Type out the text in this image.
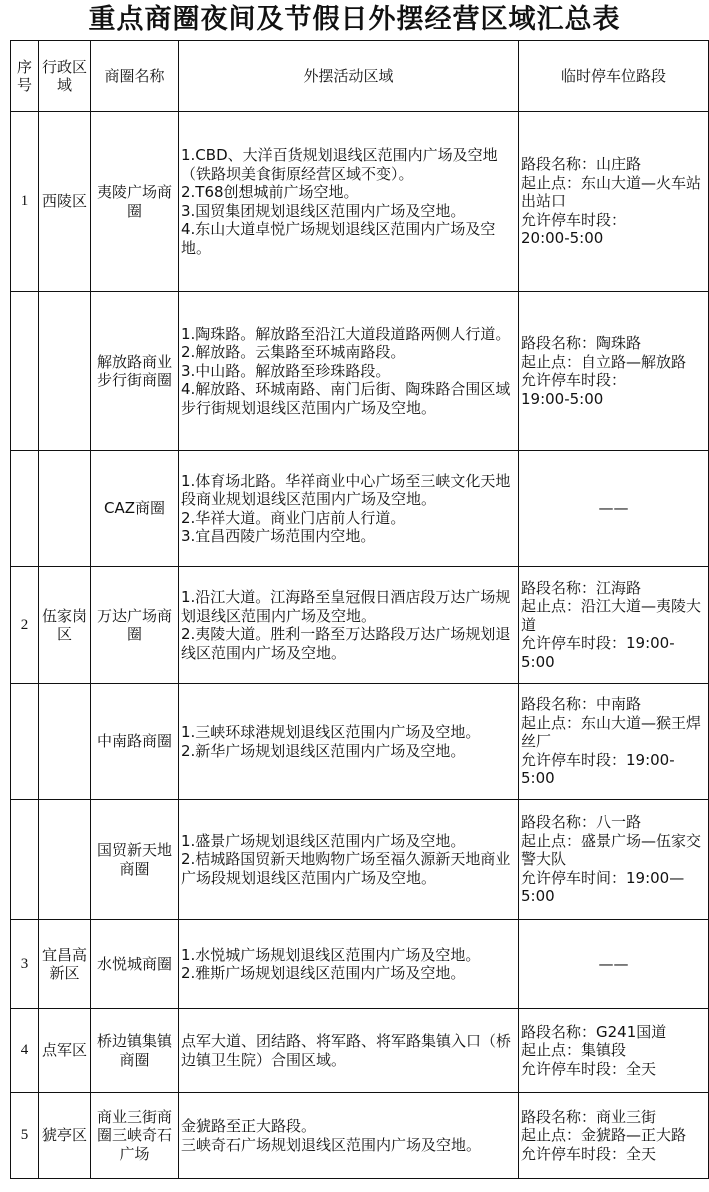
重点商圈夜间及节假日外摆经营区域汇总表
序号	行政区域	商圈名称	外摆活动区域	临时停车位路段
1	西陵区	夷陵广场商圈	1.CBD、大洋百货规划退线区范围内广场及空地（铁路坝美食街原经营区域不变）。
2.T68创想城前广场空地。
3.国贸集团规划退线区范围内广场及空地。
4.东山大道卓悦广场规划退线区范围内广场及空地。	路段名称：山庄路
起止点：东山大道—火车站出站口
允许停车时段：
20:00-5:00

		解放路商业步行街商圈	1.陶珠路。解放路至沿江大道段道路两侧人行道。
2.解放路。云集路至环城南路段。
3.中山路。解放路至珍珠路段。
4.解放路、环城南路、南门后街、陶珠路合围区域步行街规划退线区范围内广场及空地。	路段名称：陶珠路
起止点：自立路—解放路
允许停车时段：
19:00-5:00

		CAZ商圈	1.体育场北路。华祥商业中心广场至三峡文化天地段商业规划退线区范围内广场及空地。
2.华祥大道。商业门店前人行道。
3.宜昌西陵广场范围内空地。	——

2	伍家岗区	万达广场商圈	1.沿江大道。江海路至皇冠假日酒店段万达广场规划退线区范围内广场及空地。
2.夷陵大道。胜利一路至万达路段万达广场规划退线区范围内广场及空地。	路段名称：江海路
起止点：沿江大道—夷陵大道
允许停车时段：19:00-5:00

		中南路商圈	1.三峡环球港规划退线区范围内广场及空地。
2.新华广场规划退线区范围内广场及空地。	路段名称：中南路
起止点：东山大道—猴王焊丝厂
允许停车时段：19:00-5:00

		国贸新天地商圈	1.盛景广场规划退线区范围内广场及空地。
2.桔城路国贸新天地购物广场至福久源新天地商业广场段规划退线区范围内广场及空地。	路段名称：八一路
起止点：盛景广场—伍家交警大队
允许停车时间：19:00—5:00

3	宜昌高新区	水悦城商圈	1.水悦城广场规划退线区范围内广场及空地。
2.雅斯广场规划退线区范围内广场及空地。	——

4	点军区	桥边镇集镇商圈	点军大道、团结路、将军路、将军路集镇入口（桥边镇卫生院）合围区域。	路段名称：G241国道
起止点：集镇段
允许停车时段：全天

5	猇亭区	商业三街商圈三峡奇石广场	金猇路至正大路段。
三峡奇石广场规划退线区范围内广场及空地。	路段名称：商业三街
起止点：金猇路—正大路
允许停车时段：全天
